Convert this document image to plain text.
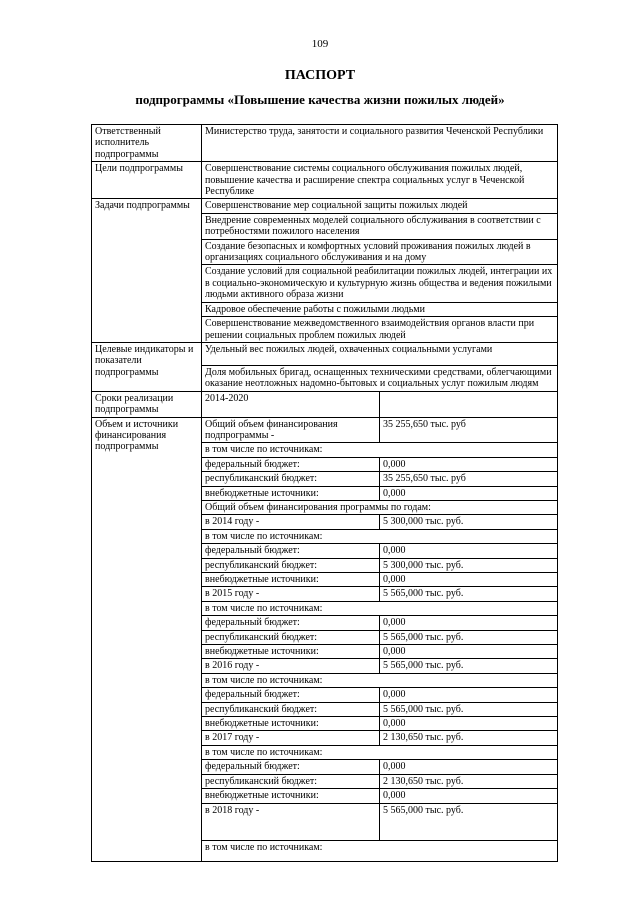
109
ПАСПОРТ
подпрограммы «Повышение качества жизни пожилых людей»
Ответственный исполнитель подпрограммы	Министерство труда, занятости и социального развития Чеченской Республики	
Цели подпрограммы	Совершенствование системы социального обслуживания пожилых людей, повышение качества и расширение спектра социальных услуг в Чеченской Республике	
Задачи подпрограммы	Совершенствование мер социальной защиты пожилых людей	
	Внедрение современных моделей социального обслуживания в соответствии с потребностями пожилого населения	
	Создание безопасных и комфортных условий проживания пожилых людей в организациях социального обслуживания и на дому	
	Создание условий для социальной реабилитации пожилых людей, интеграции их в социально-экономическую и культурную жизнь общества и ведения пожилыми людьми активного образа жизни	
	Кадровое обеспечение работы с пожилыми людьми	
	Совершенствование межведомственного взаимодействия органов власти при решении социальных проблем пожилых людей	
Целевые индикаторы и показатели подпрограммы	Удельный вес пожилых людей, охваченных социальными услугами	
	Доля мобильных бригад, оснащенных техническими средствами, облегчающими оказание неотложных надомно-бытовых и социальных услуг пожилым людям	
Сроки реализации подпрограммы	2014-2020	
Объем и источники финансирования подпрограммы	Общий объем финансирования подпрограммы -	35 255,650 тыс. руб
	в том числе по источникам:	
	федеральный бюджет:	0,000
	республиканский бюджет:	35 255,650 тыс. руб
	внебюджетные источники:	0,000
	Общий объем финансирования программы по годам:	
	в 2014 году -	5 300,000 тыс. руб.
	в том числе по источникам:	
	федеральный бюджет:	0,000
	республиканский бюджет:	5 300,000 тыс. руб.
	внебюджетные источники:	0,000
	в 2015 году -	5 565,000 тыс. руб.
	в том числе по источникам:	
	федеральный бюджет:	0,000
	республиканский бюджет:	5 565,000 тыс. руб.
	внебюджетные источники:	0,000
	в 2016 году -	5 565,000 тыс. руб.
	в том числе по источникам:	
	федеральный бюджет:	0,000
	республиканский бюджет:	5 565,000 тыс. руб.
	внебюджетные источники:	0,000
	в 2017 году -	2 130,650 тыс. руб.
	в том числе по источникам:	
	федеральный бюджет:	0,000
	республиканский бюджет:	2 130,650 тыс. руб.
	внебюджетные источники:	0,000
	в 2018 году -	5 565,000 тыс. руб.
	в том числе по источникам:	
